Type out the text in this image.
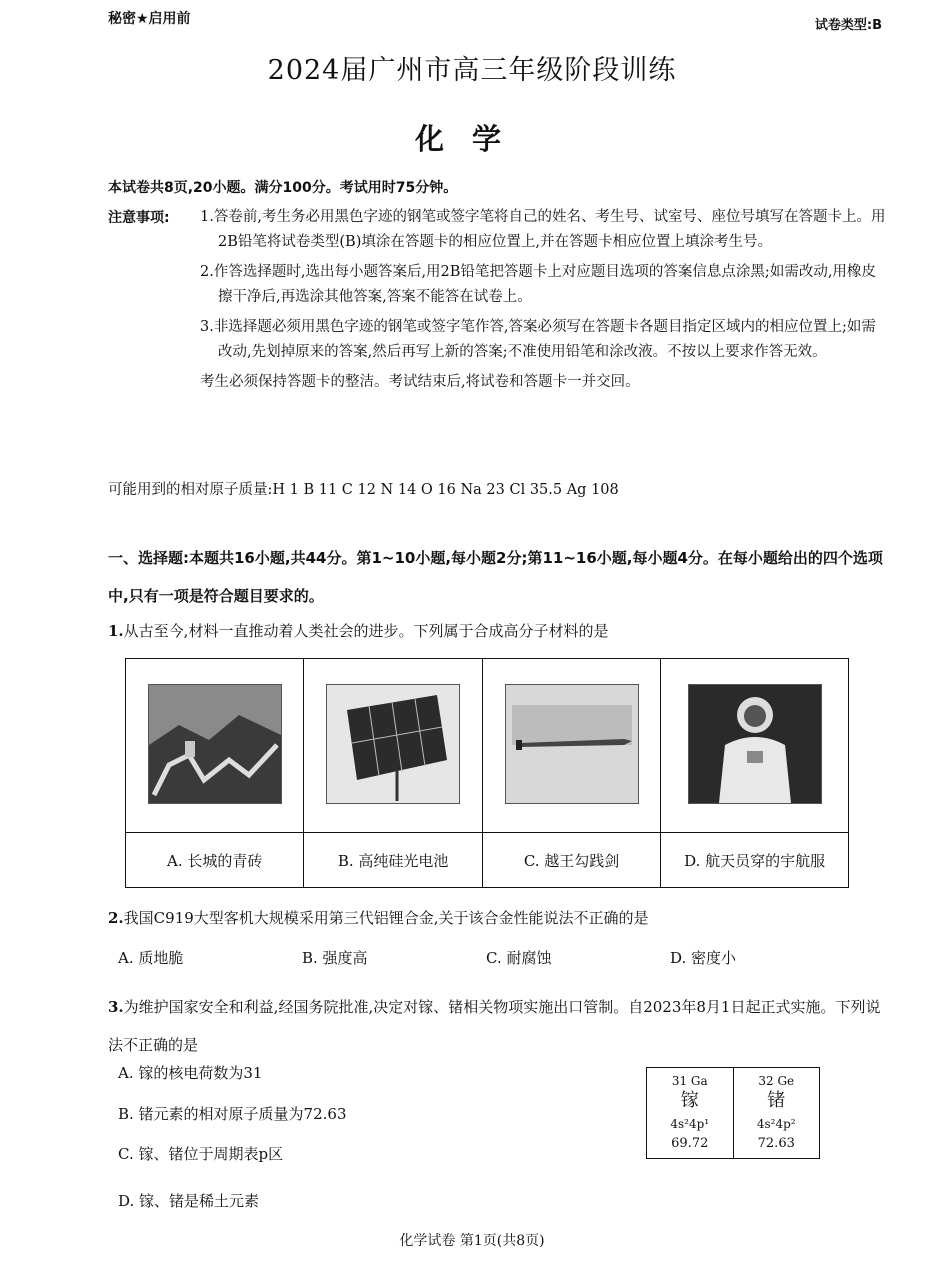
秘密★启用前	试卷类型:B
2024届广州市高三年级阶段训练
化学
本试卷共8页,20小题。满分100分。考试用时75分钟。
注意事项: 1.答卷前,考生务必用黑色字迹的钢笔或签字笔将自己的姓名、考生号、试室号、座位号填写在答题卡上。用2B铅笔将试卷类型(B)填涂在答题卡的相应位置上,并在答题卡相应位置上填涂考生号。
2.作答选择题时,选出每小题答案后,用2B铅笔把答题卡上对应题目选项的答案信息点涂黑;如需改动,用橡皮擦干净后,再选涂其他答案,答案不能答在试卷上。
3.非选择题必须用黑色字迹的钢笔或签字笔作答,答案必须写在答题卡各题目指定区域内的相应位置上;如需改动,先划掉原来的答案,然后再写上新的答案;不准使用铅笔和涂改液。不按以上要求作答无效。
考生必须保持答题卡的整洁。考试结束后,将试卷和答题卡一并交回。
可能用到的相对原子质量:H 1 B 11 C 12 N 14 O 16 Na 23 Cl 35.5 Ag 108
一、选择题:本题共16小题,共44分。第1~10小题,每小题2分;第11~16小题,每小题4分。在每小题给出的四个选项中,只有一项是符合题目要求的。
1.从古至今,材料一直推动着人类社会的进步。下列属于合成高分子材料的是

A. 长城的青砖	B. 高纯硅光电池	C. 越王勾践剑	D. 航天员穿的宇航服
2.我国C919大型客机大规模采用第三代铝锂合金,关于该合金性能说法不正确的是
A. 质地脆	B. 强度高	C. 耐腐蚀	D. 密度小
3.为维护国家安全和利益,经国务院批准,决定对镓、锗相关物项实施出口管制。自2023年8月1日起正式实施。下列说法不正确的是
A. 镓的核电荷数为31
B. 锗元素的相对原子质量为72.63
C. 镓、锗位于周期表p区
D. 镓、锗是稀土元素
31 Ga
镓
4s²4p¹
69.72

32 Ge
锗
4s²4p²
72.63
化学试卷 第1页(共8页)
